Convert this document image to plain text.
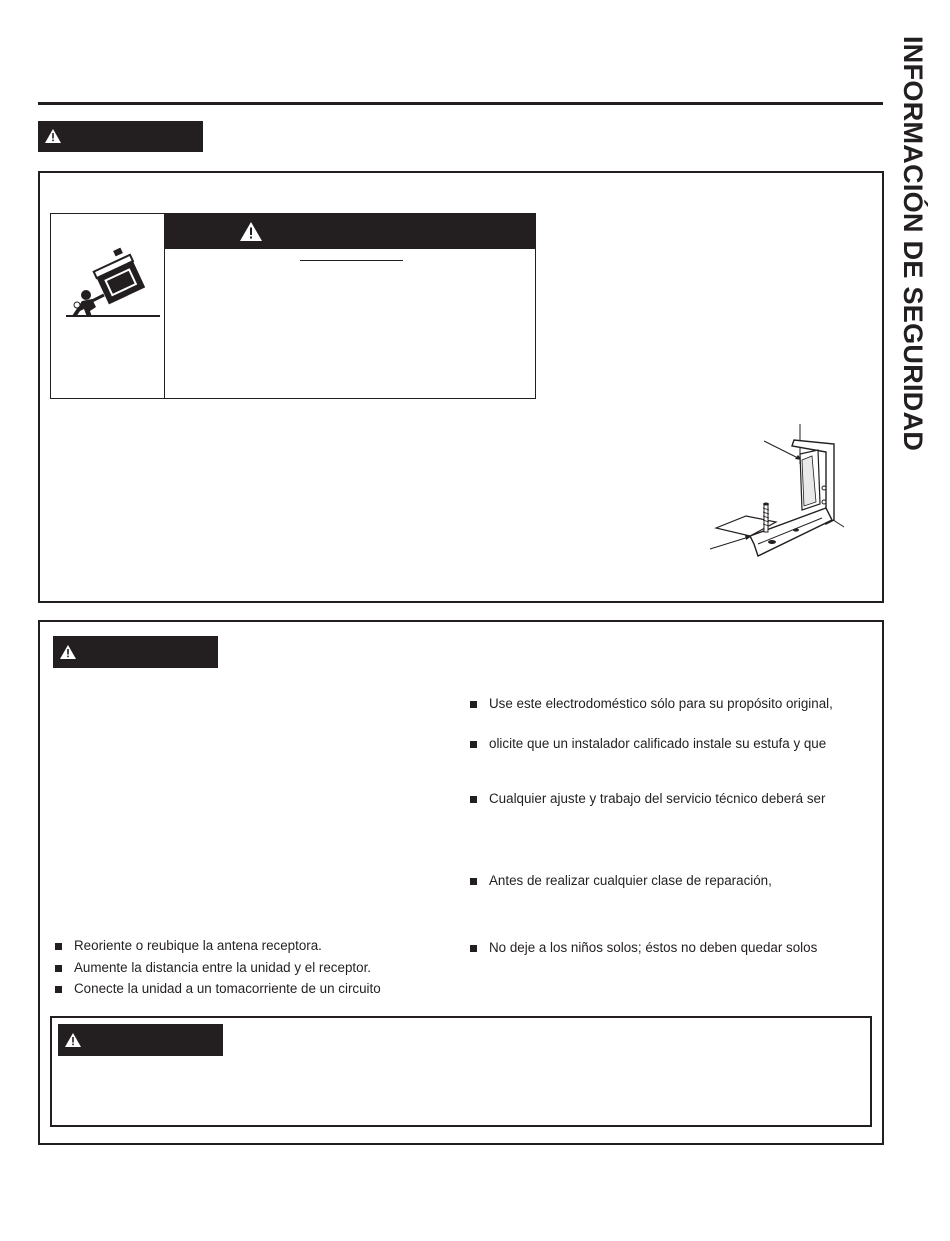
INFORMACIÓN DE SEGURIDAD
Use este electrodoméstico sólo para su propósito original,
olicite que un instalador calificado instale su estufa y que
Cualquier ajuste y trabajo del servicio técnico deberá ser
Antes de realizar cualquier clase de reparación,
No deje a los niños solos; éstos no deben quedar solos
Reoriente o reubique la antena receptora.
Aumente la distancia entre la unidad y el receptor.
Conecte la unidad a un tomacorriente de un circuito
